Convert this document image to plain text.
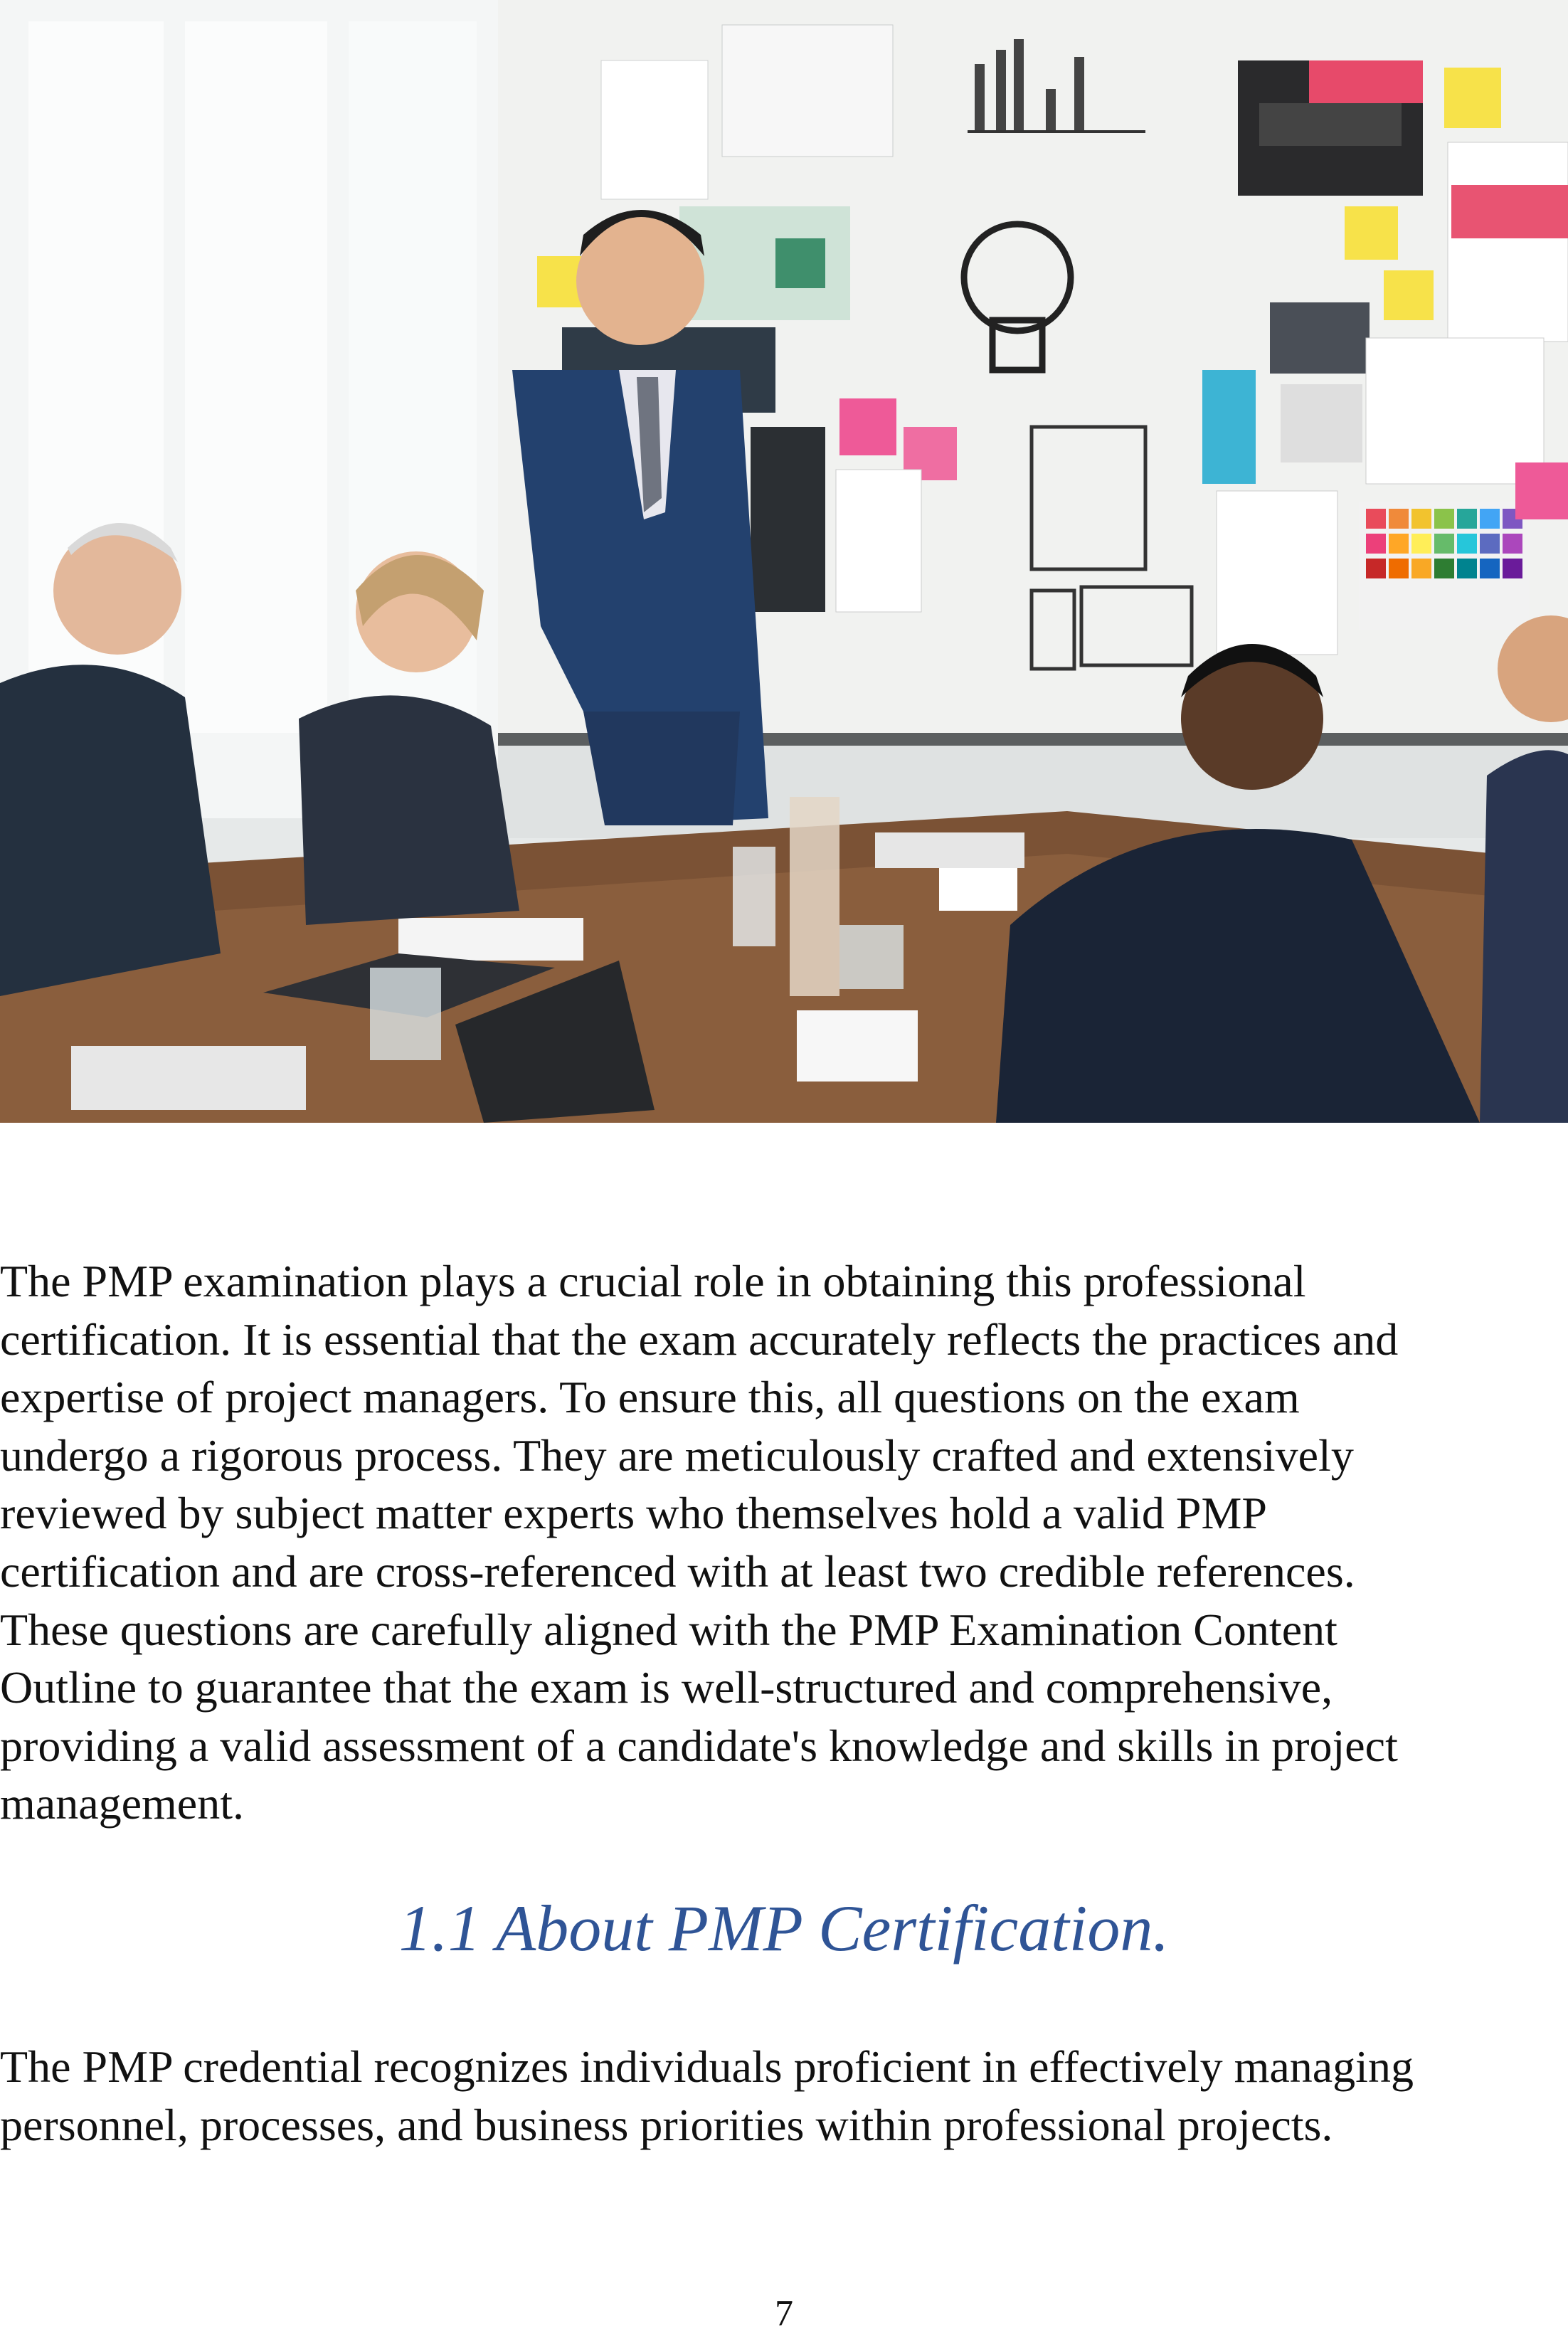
The PMP examination plays a crucial role in obtaining this professional
certification. It is essential that the exam accurately reflects the practices and
expertise of project managers. To ensure this, all questions on the exam
undergo a rigorous process. They are meticulously crafted and extensively
reviewed by subject matter experts who themselves hold a valid PMP
certification and are cross-referenced with at least two credible references.
These questions are carefully aligned with the PMP Examination Content
Outline to guarantee that the exam is well-structured and comprehensive,
providing a valid assessment of a candidate's knowledge and skills in project
management.

1.1 About PMP Certification.

The PMP credential recognizes individuals proficient in effectively managing
personnel, processes, and business priorities within professional projects.

7
